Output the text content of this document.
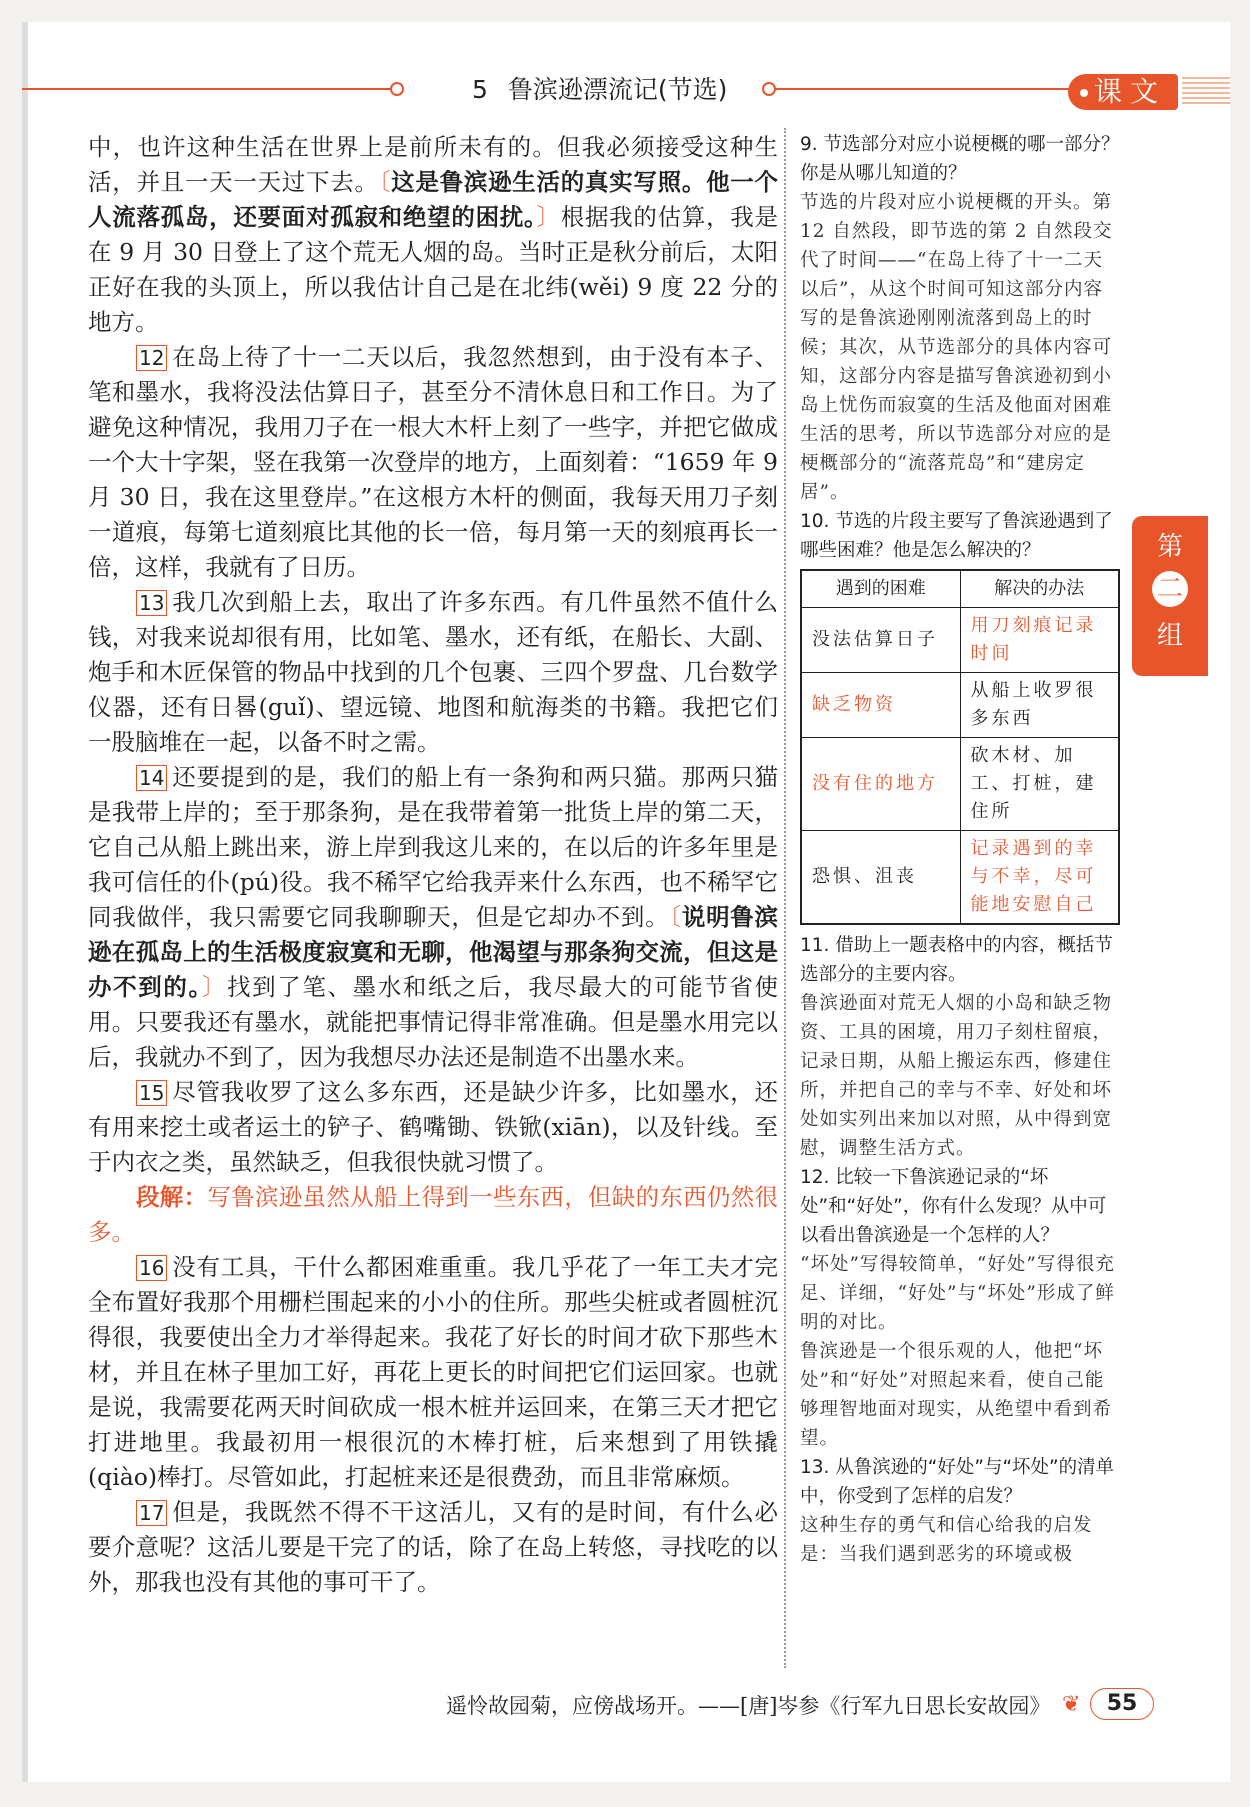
5 鲁滨逊漂流记(节选)	课文

中，也许这种生活在世界上是前所未有的。但我必须接受这种生活，并且一天一天过下去。〔这是鲁滨逊生活的真实写照。他一个人流落孤岛，还要面对孤寂和绝望的困扰。〕根据我的估算，我是在 9 月 30 日登上了这个荒无人烟的岛。当时正是秋分前后，太阳正好在我的头顶上，所以我估计自己是在北纬(wěi) 9 度 22 分的地方。

12 在岛上待了十一二天以后，我忽然想到，由于没有本子、笔和墨水，我将没法估算日子，甚至分不清休息日和工作日。为了避免这种情况，我用刀子在一根大木杆上刻了一些字，并把它做成一个大十字架，竖在我第一次登岸的地方，上面刻着：“1659 年 9 月 30 日，我在这里登岸。”在这根方木杆的侧面，我每天用刀子刻一道痕，每第七道刻痕比其他的长一倍，每月第一天的刻痕再长一倍，这样，我就有了日历。

13 我几次到船上去，取出了许多东西。有几件虽然不值什么钱，对我来说却很有用，比如笔、墨水，还有纸，在船长、大副、炮手和木匠保管的物品中找到的几个包裹、三四个罗盘、几台数学仪器，还有日晷(guǐ)、望远镜、地图和航海类的书籍。我把它们一股脑堆在一起，以备不时之需。

14 还要提到的是，我们的船上有一条狗和两只猫。那两只猫是我带上岸的；至于那条狗，是在我带着第一批货上岸的第二天，它自己从船上跳出来，游上岸到我这儿来的，在以后的许多年里是我可信任的仆(pú)役。我不稀罕它给我弄来什么东西，也不稀罕它同我做伴，我只需要它同我聊聊天，但是它却办不到。〔说明鲁滨逊在孤岛上的生活极度寂寞和无聊，他渴望与那条狗交流，但这是办不到的。〕找到了笔、墨水和纸之后，我尽最大的可能节省使用。只要我还有墨水，就能把事情记得非常准确。但是墨水用完以后，我就办不到了，因为我想尽办法还是制造不出墨水来。

15 尽管我收罗了这么多东西，还是缺少许多，比如墨水，还有用来挖土或者运土的铲子、鹤嘴锄、铁锨(xiān)，以及针线。至于内衣之类，虽然缺乏，但我很快就习惯了。

段解：写鲁滨逊虽然从船上得到一些东西，但缺的东西仍然很多。

16 没有工具，干什么都困难重重。我几乎花了一年工夫才完全布置好我那个用栅栏围起来的小小的住所。那些尖桩或者圆桩沉得很，我要使出全力才举得起来。我花了好长的时间才砍下那些木材，并且在林子里加工好，再花上更长的时间把它们运回家。也就是说，我需要花两天时间砍成一根木桩并运回来，在第三天才把它打进地里。我最初用一根很沉的木棒打桩，后来想到了用铁撬(qiào)棒打。尽管如此，打起桩来还是很费劲，而且非常麻烦。

17 但是，我既然不得不干这活儿，又有的是时间，有什么必要介意呢？这活儿要是干完了的话，除了在岛上转悠，寻找吃的以外，那我也没有其他的事可干了。

9. 节选部分对应小说梗概的哪一部分？你是从哪儿知道的？

节选的片段对应小说梗概的开头。第 12 自然段，即节选的第 2 自然段交代了时间——“在岛上待了十一二天以后”，从这个时间可知这部分内容写的是鲁滨逊刚刚流落到岛上的时候；其次，从节选部分的具体内容可知，这部分内容是描写鲁滨逊初到小岛上忧伤而寂寞的生活及他面对困难生活的思考，所以节选部分对应的是梗概部分的“流落荒岛”和“建房定居”。

10. 节选的片段主要写了鲁滨逊遇到了哪些困难？他是怎么解决的？

遇到的困难	解决的办法
没法估算日子	用刀刻痕记录时间
缺乏物资	从船上收罗很多东西
没有住的地方	砍木材、加工、打桩，建住所
恐惧、沮丧	记录遇到的幸与不幸，尽可能地安慰自己

11. 借助上一题表格中的内容，概括节选部分的主要内容。

鲁滨逊面对荒无人烟的小岛和缺乏物资、工具的困境，用刀子刻柱留痕，记录日期，从船上搬运东西，修建住所，并把自己的幸与不幸、好处和坏处如实列出来加以对照，从中得到宽慰，调整生活方式。

12. 比较一下鲁滨逊记录的“坏处”和“好处”，你有什么发现？从中可以看出鲁滨逊是一个怎样的人？

“坏处”写得较简单，“好处”写得很充足、详细，“好处”与“坏处”形成了鲜明的对比。

鲁滨逊是一个很乐观的人，他把“坏处”和“好处”对照起来看，使自己能够理智地面对现实，从绝望中看到希望。

13. 从鲁滨逊的“好处”与“坏处”的清单中，你受到了怎样的启发？

这种生存的勇气和信心给我的启发是：当我们遇到恶劣的环境或极

第
二
组
遥怜故园菊，应傍战场开。——[唐]岑参《行军九日思长安故园》 ❦	55
